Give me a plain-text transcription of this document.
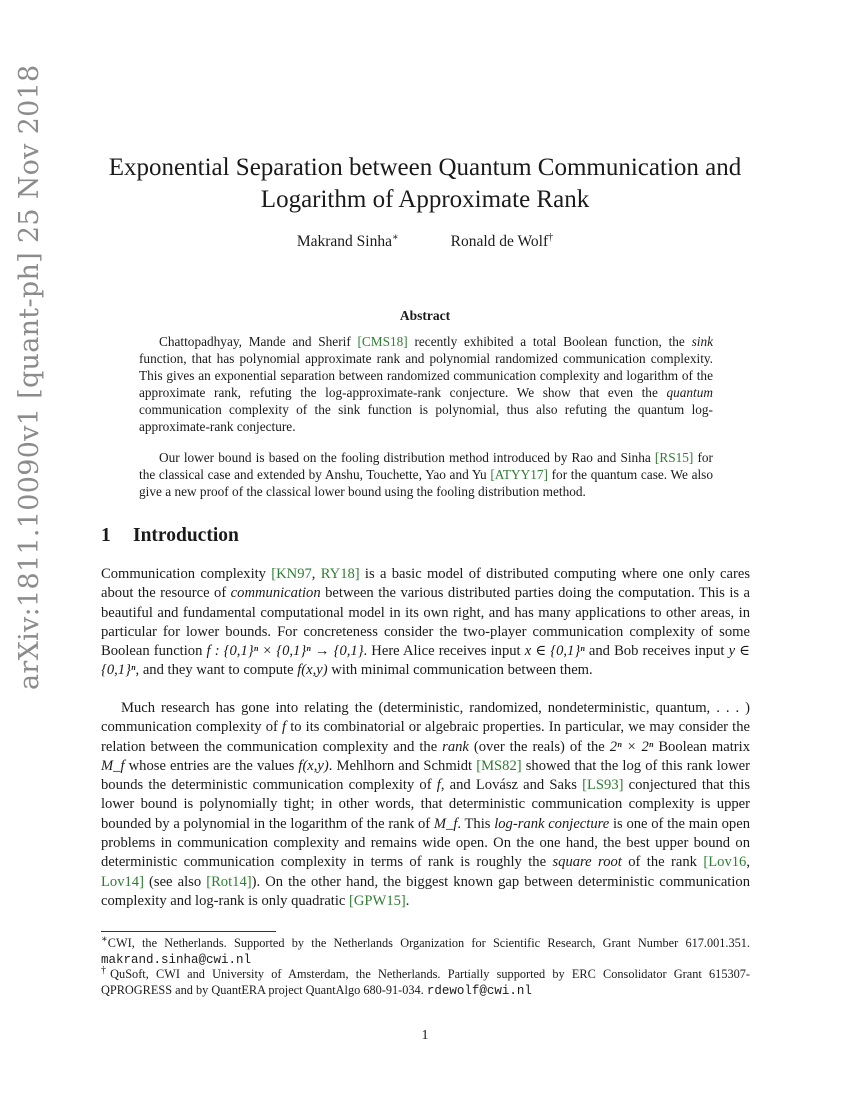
arXiv:1811.10090v1 [quant-ph] 25 Nov 2018	Exponential Separation between Quantum Communication and
Logarithm of Approximate Rank
Makrand Sinha∗	Ronald de Wolf†
Abstract
Chattopadhyay, Mande and Sherif [CMS18] recently exhibited a total Boolean function, the sink function, that has polynomial approximate rank and polynomial randomized communication complexity. This gives an exponential separation between randomized communication complexity and logarithm of the approximate rank, refuting the log-approximate-rank conjecture. We show that even the quantum communication complexity of the sink function is polynomial, thus also refuting the quantum log-approximate-rank conjecture.
Our lower bound is based on the fooling distribution method introduced by Rao and Sinha [RS15] for the classical case and extended by Anshu, Touchette, Yao and Yu [ATYY17] for the quantum case. We also give a new proof of the classical lower bound using the fooling distribution method.
1 Introduction
Communication complexity [KN97, RY18] is a basic model of distributed computing where one only cares about the resource of communication between the various distributed parties doing the computation. This is a beautiful and fundamental computational model in its own right, and has many applications to other areas, in particular for lower bounds. For concreteness consider the two-player communication complexity of some Boolean function f : {0,1}ⁿ × {0,1}ⁿ → {0,1}. Here Alice receives input x ∈ {0,1}ⁿ and Bob receives input y ∈ {0,1}ⁿ, and they want to compute f(x,y) with minimal communication between them.
Much research has gone into relating the (deterministic, randomized, nondeterministic, quantum, . . . ) communication complexity of f to its combinatorial or algebraic properties. In particular, we may consider the relation between the communication complexity and the rank (over the reals) of the 2ⁿ × 2ⁿ Boolean matrix M_f whose entries are the values f(x,y). Mehlhorn and Schmidt [MS82] showed that the log of this rank lower bounds the deterministic communication complexity of f, and Lovász and Saks [LS93] conjectured that this lower bound is polynomially tight; in other words, that deterministic communication complexity is upper bounded by a polynomial in the logarithm of the rank of M_f. This log-rank conjecture is one of the main open problems in communication complexity and remains wide open. On the one hand, the best upper bound on deterministic communication complexity in terms of rank is roughly the square root of the rank [Lov16, Lov14] (see also [Rot14]). On the other hand, the biggest known gap between deterministic communication complexity and log-rank is only quadratic [GPW15].
∗CWI, the Netherlands. Supported by the Netherlands Organization for Scientific Research, Grant Number 617.001.351. makrand.sinha@cwi.nl
†QuSoft, CWI and University of Amsterdam, the Netherlands. Partially supported by ERC Consolidator Grant 615307-QPROGRESS and by QuantERA project QuantAlgo 680-91-034. rdewolf@cwi.nl
1
